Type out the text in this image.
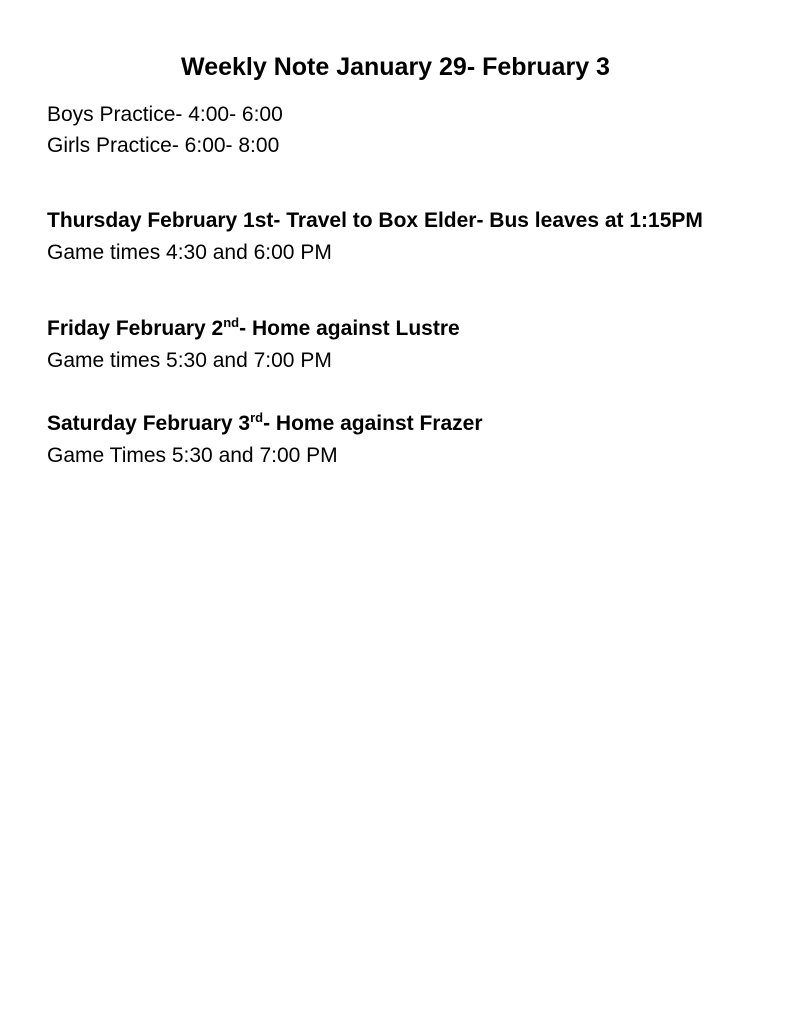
Weekly Note January 29- February 3
Boys Practice- 4:00- 6:00
Girls Practice- 6:00- 8:00
Thursday February 1st- Travel to Box Elder- Bus leaves at 1:15PM
Game times 4:30 and 6:00 PM
Friday February 2nd- Home against Lustre
Game times 5:30 and 7:00 PM
Saturday February 3rd- Home against Frazer
Game Times 5:30 and 7:00 PM
